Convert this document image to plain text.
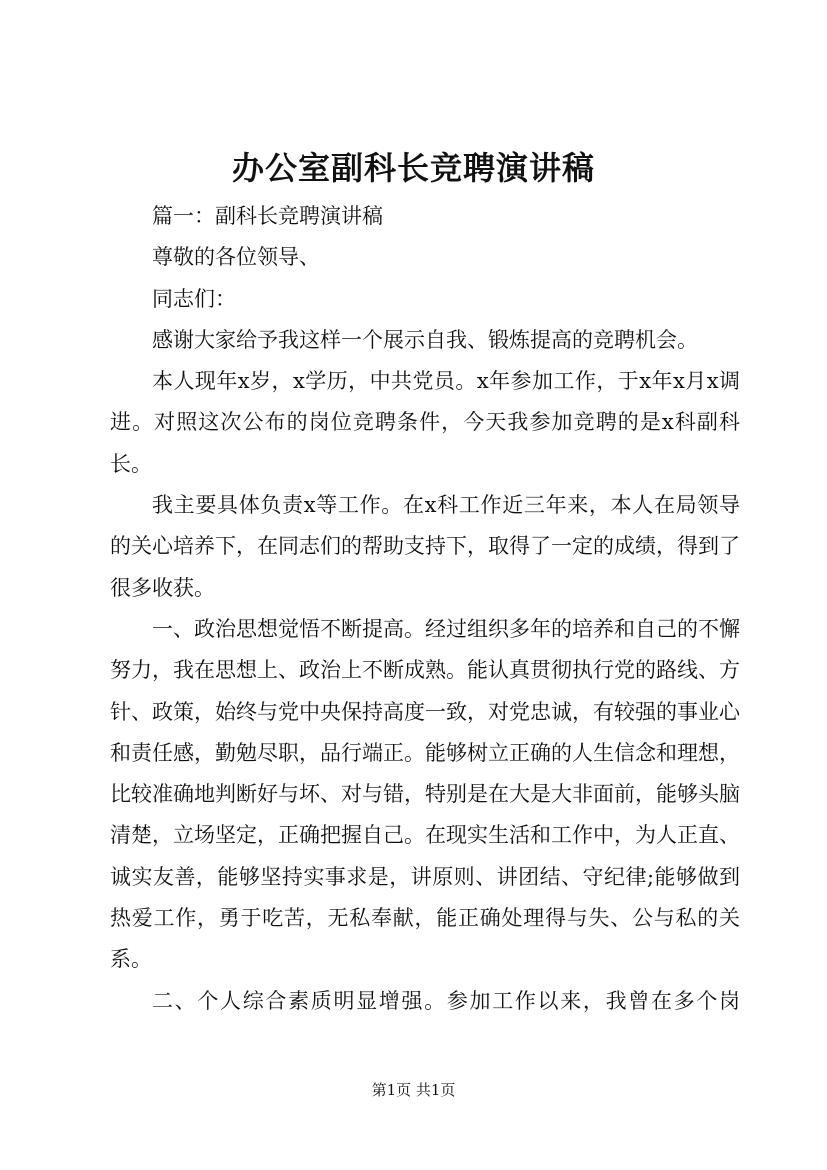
办公室副科长竞聘演讲稿

篇一：副科长竞聘演讲稿

尊敬的各位领导、

同志们：

感谢大家给予我这样一个展示自我、锻炼提高的竞聘机会。

本人现年x岁，x学历，中共党员。x年参加工作，于x年x月x调进。对照这次公布的岗位竞聘条件，今天我参加竞聘的是x科副科长。

我主要具体负责x等工作。在x科工作近三年来，本人在局领导的关心培养下，在同志们的帮助支持下，取得了一定的成绩，得到了很多收获。

一、政治思想觉悟不断提高。经过组织多年的培养和自己的不懈努力，我在思想上、政治上不断成熟。能认真贯彻执行党的路线、方针、政策，始终与党中央保持高度一致，对党忠诚，有较强的事业心和责任感，勤勉尽职，品行端正。能够树立正确的人生信念和理想，比较准确地判断好与坏、对与错，特别是在大是大非面前，能够头脑清楚，立场坚定，正确把握自己。在现实生活和工作中，为人正直、诚实友善，能够坚持实事求是，讲原则、讲团结、守纪律;能够做到热爱工作，勇于吃苦，无私奉献，能正确处理得与失、公与私的关系。

二、个人综合素质明显增强。参加工作以来，我曾在多个岗

第1页 共1页
